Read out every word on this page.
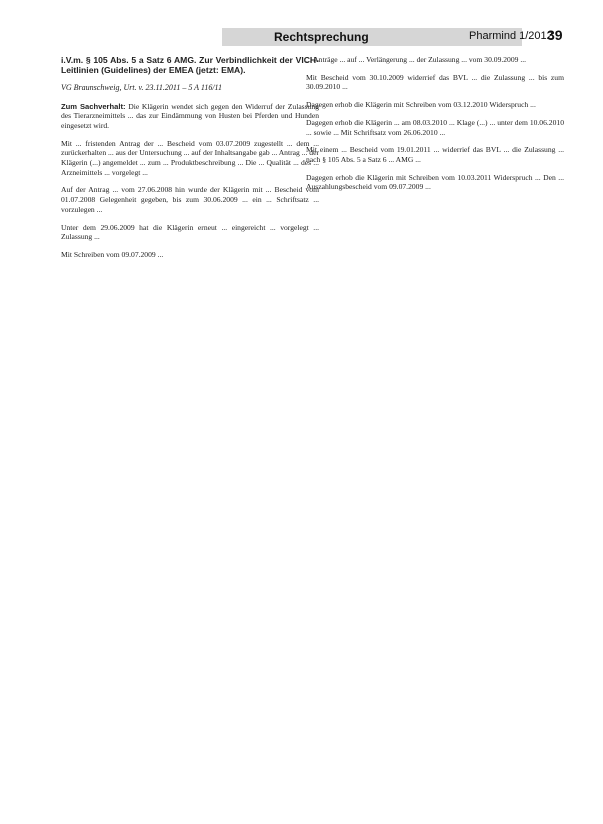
Rechtsprechung	Pharmind 1/2012
39
i.V.m. § 105 Abs. 5 a Satz 6 AMG. Zur Verbindlichkeit der VICH-Leitlinien (Guidelines) der EMEA (jetzt: EMA).
VG Braunschweig, Urt. v. 23.11.2011 – 5 A 116/11

Zum Sachverhalt: Die Klägerin wendet sich gegen den Widerruf der Zulassung des Tierarzneimittels ... das zur Eindämmung von Husten bei Pferden und Hunden eingesetzt wird.

Mit ... fristenden Antrag der ... Bescheid vom 03.07.2009 zugestellt ... dem ... zurückerhalten ... aus der Untersuchung ... auf der Inhaltsangabe gab ... Antrag ... der Klägerin (...) angemeldet ... zum ... Produktbeschreibung ... Die ... Qualität ... des ... Arzneimittels ... vorgelegt ...

Auf der Antrag ... vom 27.06.2008 hin wurde der Klägerin mit ... Bescheid vom 01.07.2008 Gelegenheit gegeben, bis zum 30.06.2009 ... ein ... Schriftsatz ... vorzulegen ...

Unter dem 29.06.2009 hat die Klägerin erneut ... eingereicht ... vorgelegt ... Zulassung ...

Mit Schreiben vom 09.07.2009 ...

... Anträge ... auf ... Verlängerung ... der Zulassung ... vom 30.09.2009 ...

Mit Bescheid vom 30.10.2009 widerrief das BVL ... die Zulassung ... bis zum 30.09.2010 ...

Dagegen erhob die Klägerin mit Schreiben vom 03.12.2010 Widerspruch ...

Dagegen erhob die Klägerin ... am 08.03.2010 ... Klage (...) ... unter dem 10.06.2010 ... sowie ... Mit Schriftsatz vom 26.06.2010 ...

Mit einem ... Bescheid vom 19.01.2011 ... widerrief das BVL ... die Zulassung ... nach § 105 Abs. 5 a Satz 6 ... AMG ...

Dagegen erhob die Klägerin mit Schreiben vom 10.03.2011 Widerspruch ... Den ... Auszahlungsbescheid vom 09.07.2009 ...
